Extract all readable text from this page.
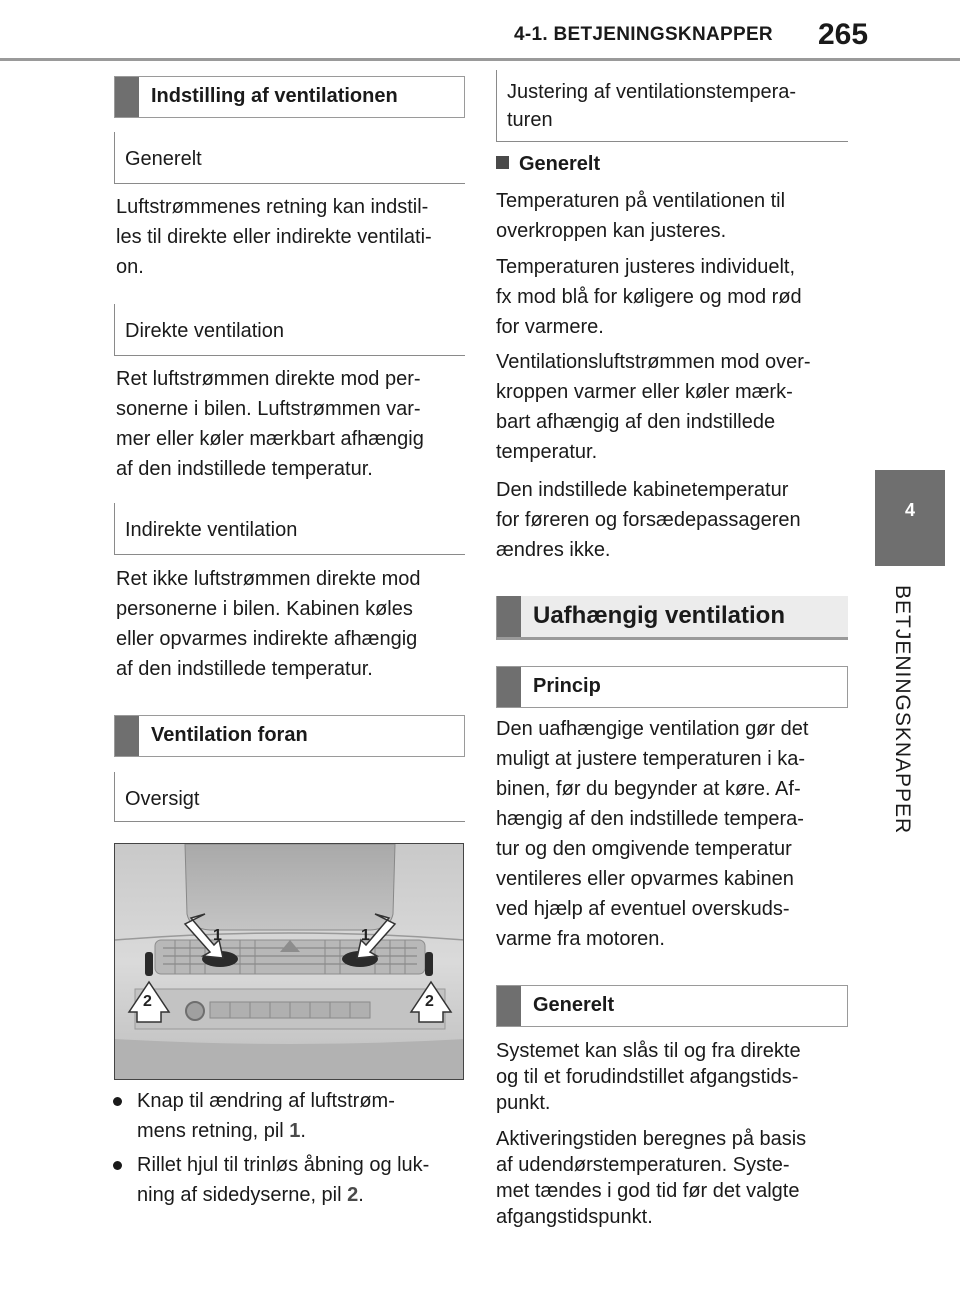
4-1. BETJENINGSKNAPPER 265
4
BETJENINGSKNAPPER
Indstilling af ventilationen
Generelt
Luftstrømmenes retning kan indstil-
les til direkte eller indirekte ventilati-
on.
Direkte ventilation
Ret luftstrømmen direkte mod per-
sonerne i bilen. Luftstrømmen var-
mer eller køler mærkbart afhængig
af den indstillede temperatur.
Indirekte ventilation
Ret ikke luftstrømmen direkte mod
personerne i bilen. Kabinen køles
eller opvarmes indirekte afhængig
af den indstillede temperatur.
Ventilation foran
Oversigt
1	1
2	2
Knap til ændring af luftstrøm-
mens retning, pil 1.
Rillet hjul til trinløs åbning og luk-
ning af sidedyserne, pil 2.
Justering af ventilationstempera-
turen
Generelt
Temperaturen på ventilationen til
overkroppen kan justeres.
Temperaturen justeres individuelt,
fx mod blå for køligere og mod rød
for varmere.
Ventilationsluftstrømmen mod over-
kroppen varmer eller køler mærk-
bart afhængig af den indstillede
temperatur.
Den indstillede kabinetemperatur
for føreren og forsædepassageren
ændres ikke.
Uafhængig ventilation
Princip
Den uafhængige ventilation gør det
muligt at justere temperaturen i ka-
binen, før du begynder at køre. Af-
hængig af den indstillede tempera-
tur og den omgivende temperatur
ventileres eller opvarmes kabinen
ved hjælp af eventuel overskuds-
varme fra motoren.
Generelt
Systemet kan slås til og fra direkte
og til et forudindstillet afgangstids-
punkt.
Aktiveringstiden beregnes på basis
af udendørstemperaturen. Syste-
met tændes i god tid før det valgte
afgangstidspunkt.
